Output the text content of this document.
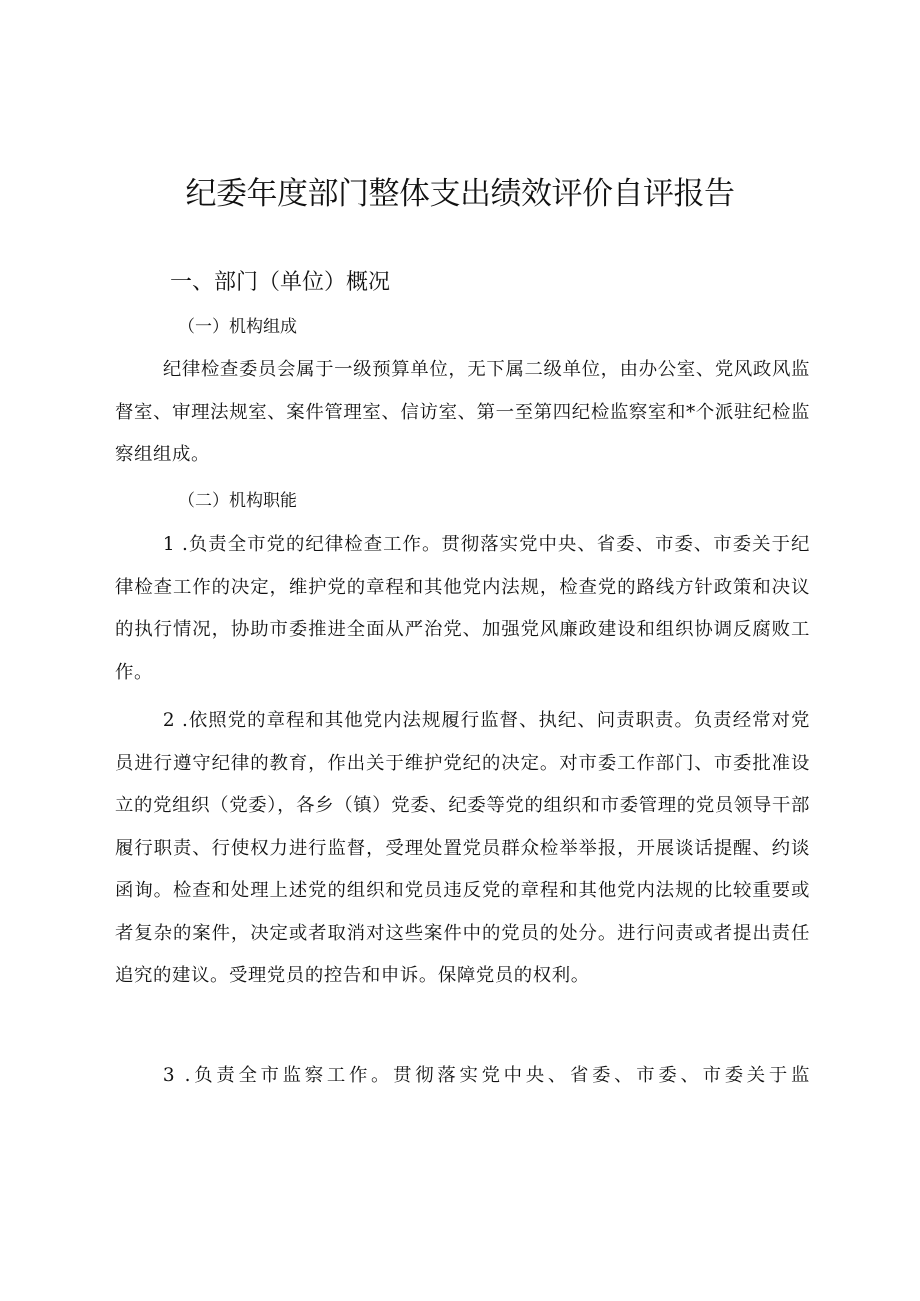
纪委年度部门整体支出绩效评价自评报告
一、部门（单位）概况
（一）机构组成

纪律检查委员会属于一级预算单位，无下属二级单位，由办公室、党风政风监督室、审理法规室、案件管理室、信访室、第一至第四纪检监察室和*个派驻纪检监察组组成。

（二）机构职能

1 .负责全市党的纪律检查工作。贯彻落实党中央、省委、市委、市委关于纪律检查工作的决定，维护党的章程和其他党内法规，检查党的路线方针政策和决议的执行情况，协助市委推进全面从严治党、加强党风廉政建设和组织协调反腐败工作。

2 .依照党的章程和其他党内法规履行监督、执纪、问责职责。负责经常对党员进行遵守纪律的教育，作出关于维护党纪的决定。对市委工作部门、市委批准设立的党组织（党委），各乡（镇）党委、纪委等党的组织和市委管理的党员领导干部履行职责、行使权力进行监督，受理处置党员群众检举举报，开展谈话提醒、约谈函询。检查和处理上述党的组织和党员违反党的章程和其他党内法规的比较重要或者复杂的案件，决定或者取消对这些案件中的党员的处分。进行问责或者提出责任追究的建议。受理党员的控告和申诉。保障党员的权利。

3 .负责全市监察工作。贯彻落实党中央、省委、市委、市委关于监
